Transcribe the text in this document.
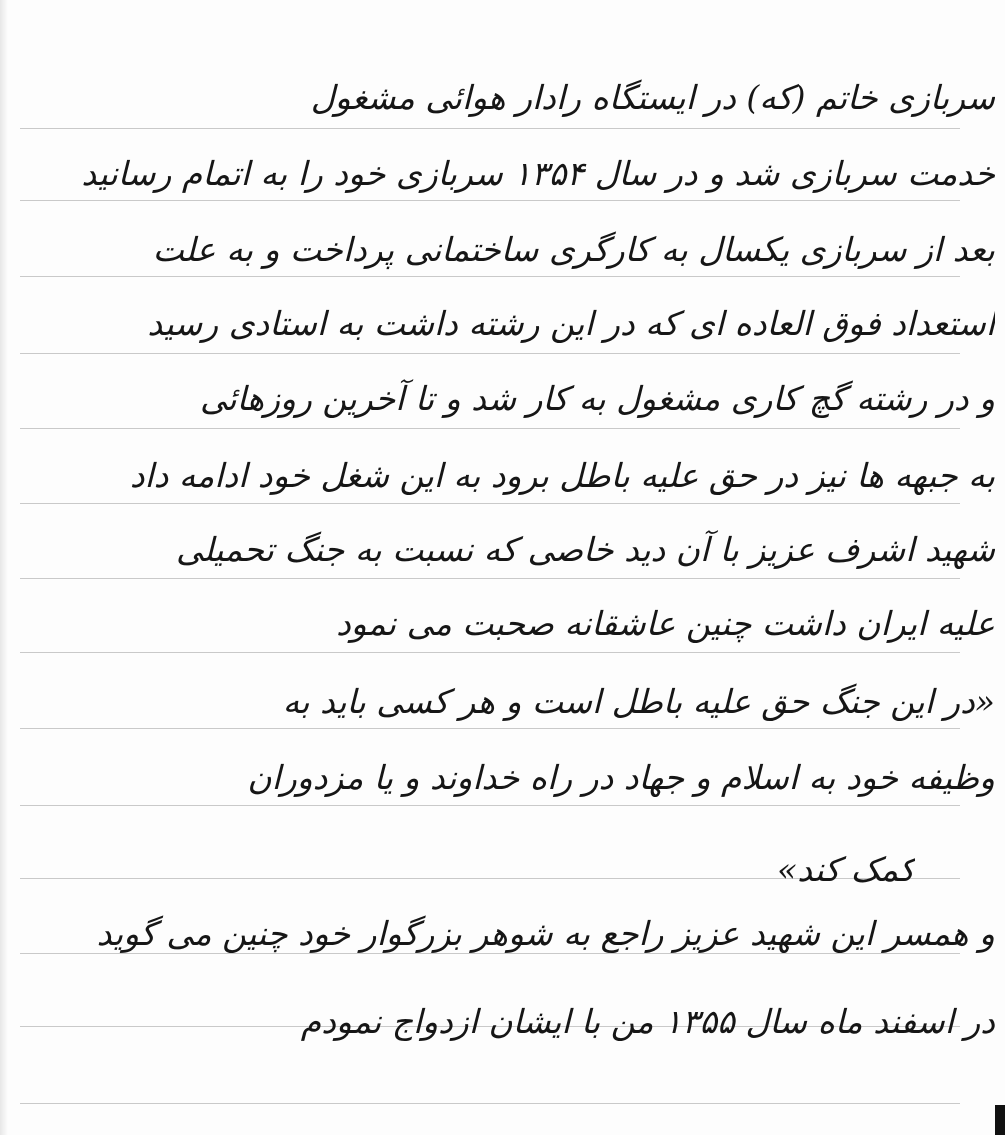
سربازی خاتم (که) در ایستگاه رادار هوائی مشغول
خدمت سربازی شد و در سال ۱۳۵۴ سربازی خود را به اتمام رسانید
بعد از سربازی یکسال به کارگری ساختمانی پرداخت و به علت
استعداد فوق العاده ای که در این رشته داشت به استادی رسید
و در رشته گچ کاری مشغول به کار شد و تا آخرین روزهائی
به جبهه ها نیز در حق علیه باطل برود به این شغل خود ادامه داد
شهید اشرف عزیز با آن دید خاصی که نسبت به جنگ تحمیلی
علیه ایران داشت چنین عاشقانه صحبت می نمود
«در این جنگ حق علیه باطل است و هر کسی باید به
وظیفه خود به اسلام و جهاد در راه خداوند و یا مزدوران
کمک کند»
و همسر این شهید عزیز راجع به شوهر بزرگوار خود چنین می گوید
در اسفند ماه سال ۱۳۵۵ من با ایشان ازدواج نمودم
